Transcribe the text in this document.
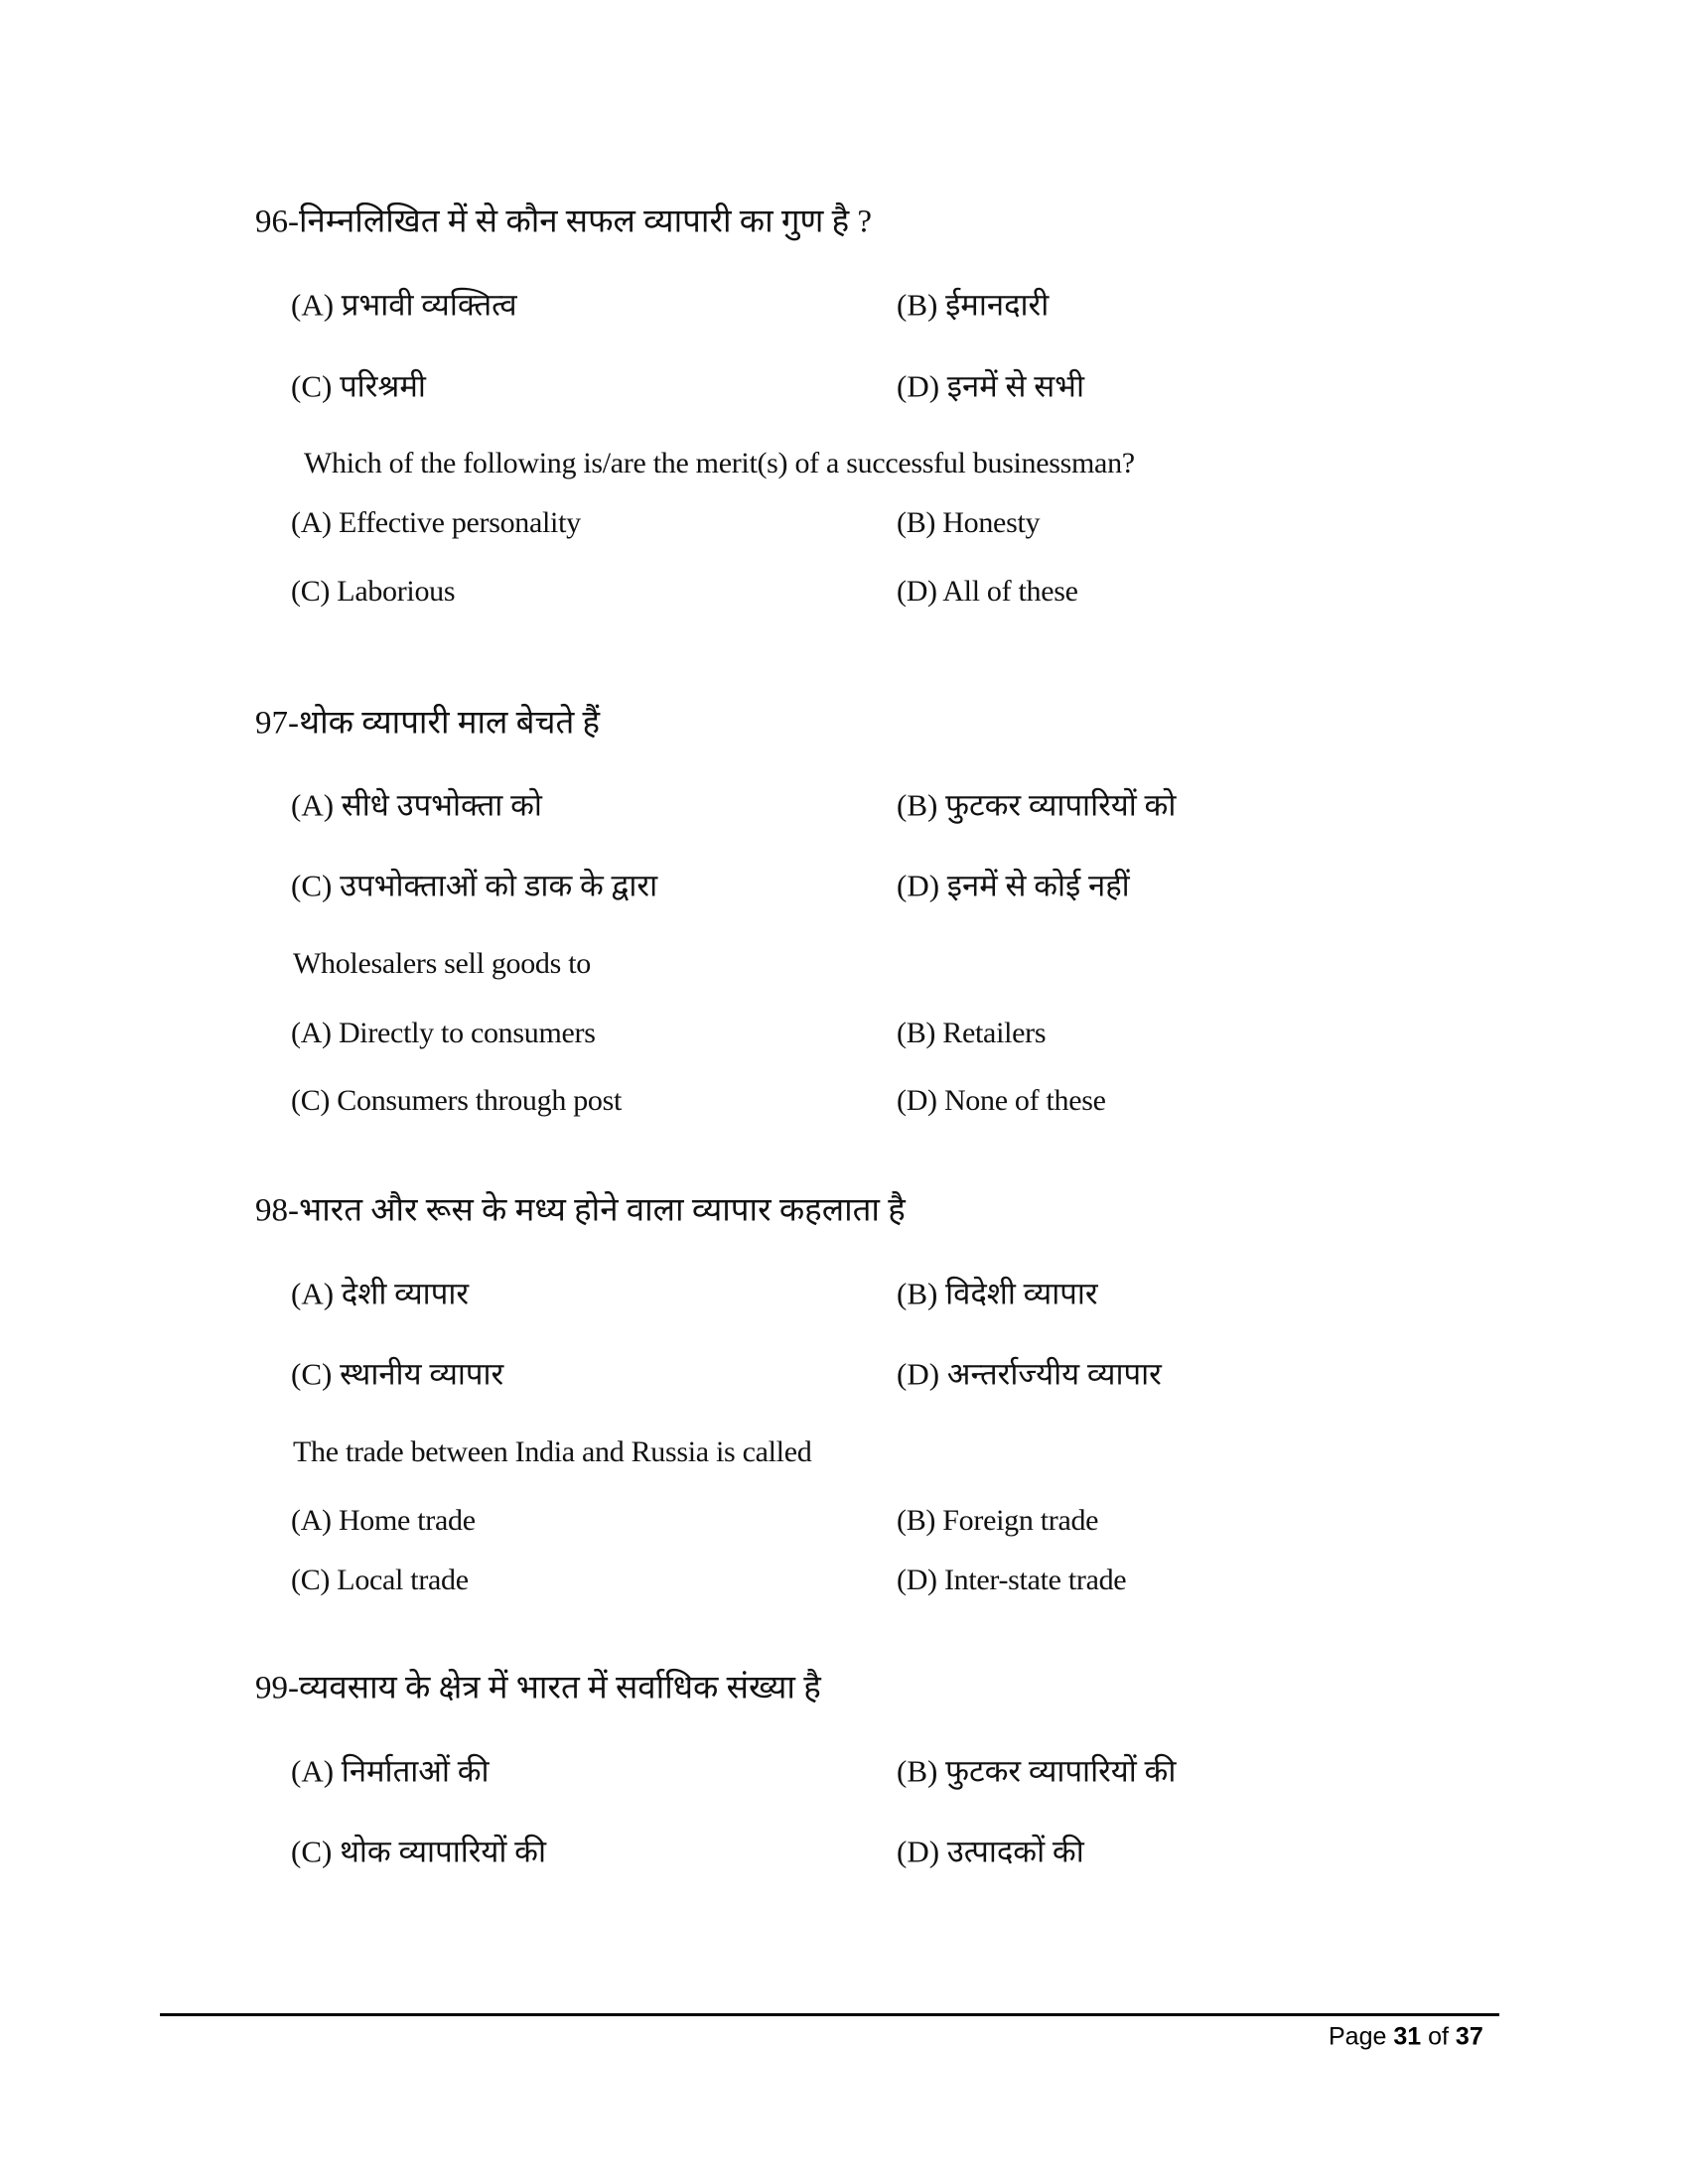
96-निम्नलिखित में से कौन सफल व्यापारी का गुण है ?
(A) प्रभावी व्यक्तित्व	(B) ईमानदारी
(C) परिश्रमी	(D) इनमें से सभी
Which of the following is/are the merit(s) of a successful businessman?
(A) Effective personality	(B) Honesty
(C) Laborious	(D) All of these
97-थोक व्यापारी माल बेचते हैं
(A) सीधे उपभोक्ता को	(B) फुटकर व्यापारियों को
(C) उपभोक्ताओं को डाक के द्वारा	(D) इनमें से कोई नहीं
Wholesalers sell goods to
(A) Directly to consumers	(B) Retailers
(C) Consumers through post	(D) None of these
98-भारत और रूस के मध्य होने वाला व्यापार कहलाता है
(A) देशी व्यापार	(B) विदेशी व्यापार
(C) स्थानीय व्यापार	(D) अन्तर्राज्यीय व्यापार
The trade between India and Russia is called
(A) Home trade	(B) Foreign trade
(C) Local trade	(D) Inter-state trade
99-व्यवसाय के क्षेत्र में भारत में सर्वाधिक संख्या है
(A) निर्माताओं की	(B) फुटकर व्यापारियों की
(C) थोक व्यापारियों की	(D) उत्पादकों की
Page 31 of 37
